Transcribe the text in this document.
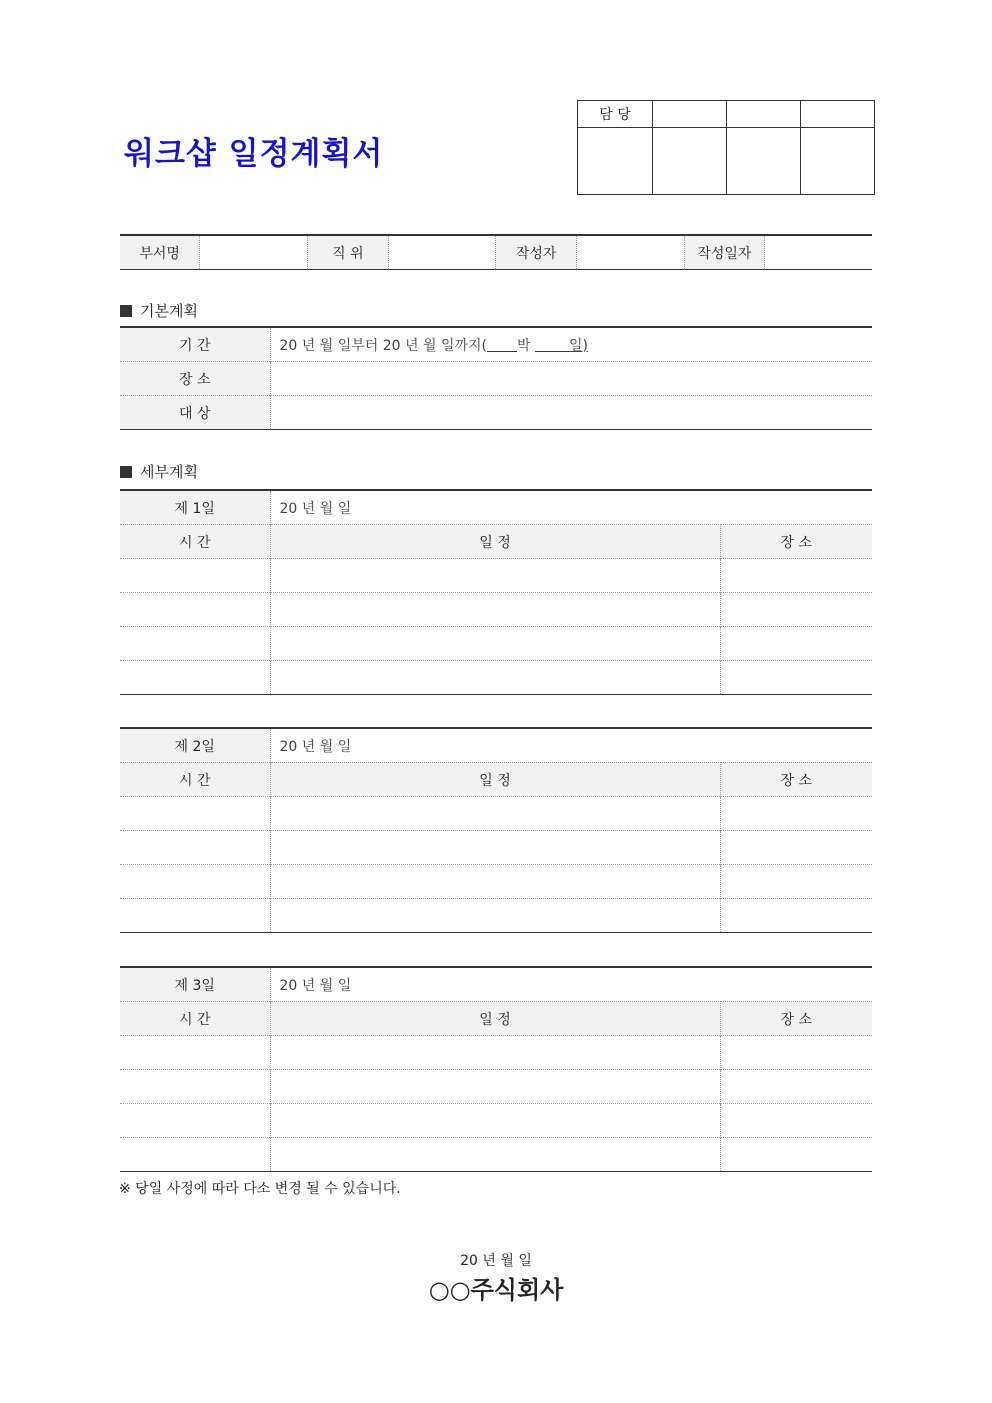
워크샵 일정계획서
담 당			

부서명		직 위		작성자		작성일자	
기본계획
기 간	20 년 월 일부터 20 년 월 일까지( 박 일)
장 소	
대 상	
세부계획
제 1일	20 년 월 일	
시 간	일 정	장 소

제 2일	20 년 월 일	
시 간	일 정	장 소

제 3일	20 년 월 일	
시 간	일 정	장 소

※ 당일 사정에 따라 다소 변경 될 수 있습니다.
20 년 월 일
○○주식회사
